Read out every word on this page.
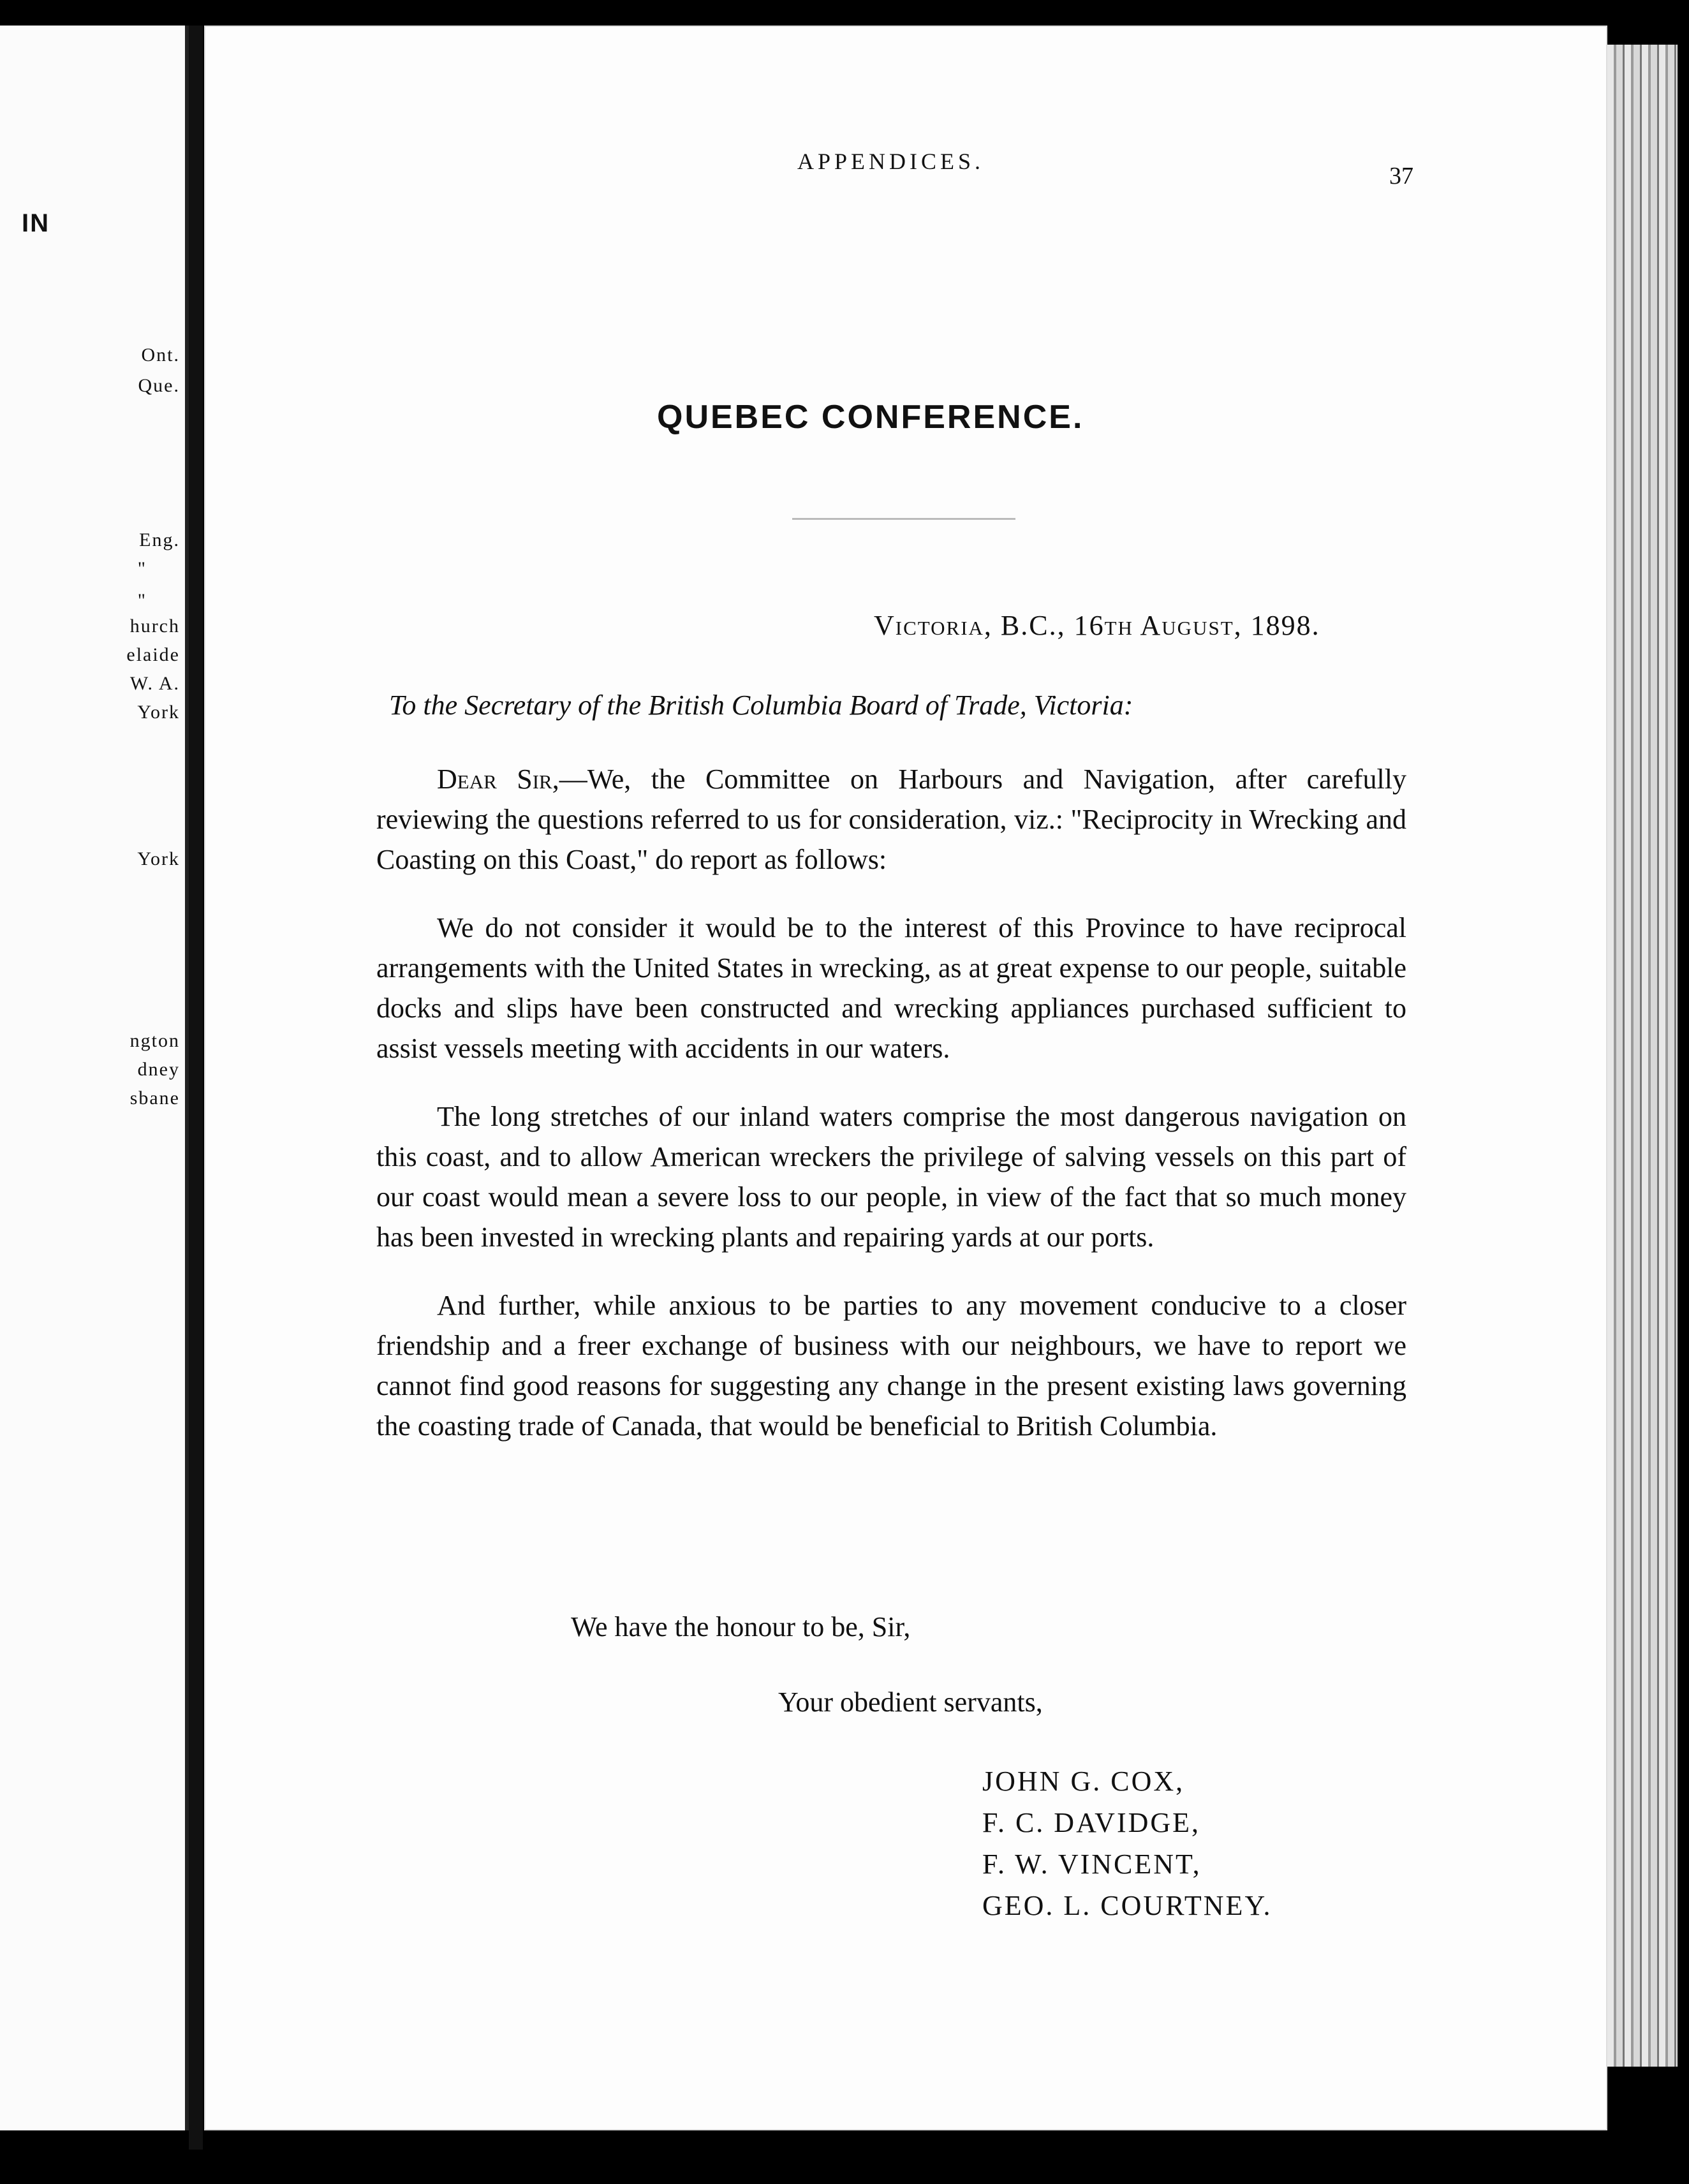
IN
Ont.
Que.
Eng.
"
"
hurch
elaide
W. A.
York
York
ngton
dney
sbane
APPENDICES.
37
QUEBEC CONFERENCE.
Victoria, B.C., 16th August, 1898.
To the Secretary of the British Columbia Board of Trade, Victoria:

Dear Sir,—We, the Committee on Harbours and Navigation, after carefully reviewing the questions referred to us for consideration, viz.: "Reciprocity in Wrecking and Coasting on this Coast," do report as follows:

We do not consider it would be to the interest of this Province to have reciprocal arrangements with the United States in wrecking, as at great expense to our people, suitable docks and slips have been constructed and wrecking appliances purchased sufficient to assist vessels meeting with accidents in our waters.

The long stretches of our inland waters comprise the most dangerous navigation on this coast, and to allow American wreckers the privilege of salving vessels on this part of our coast would mean a severe loss to our people, in view of the fact that so much money has been invested in wrecking plants and repairing yards at our ports.

And further, while anxious to be parties to any movement conducive to a closer friendship and a freer exchange of business with our neighbours, we have to report we cannot find good reasons for suggesting any change in the present existing laws governing the coasting trade of Canada, that would be beneficial to British Columbia.

We have the honour to be, Sir,
Your obedient servants,
JOHN G. COX,
F. C. DAVIDGE,
F. W. VINCENT,
GEO. L. COURTNEY.
